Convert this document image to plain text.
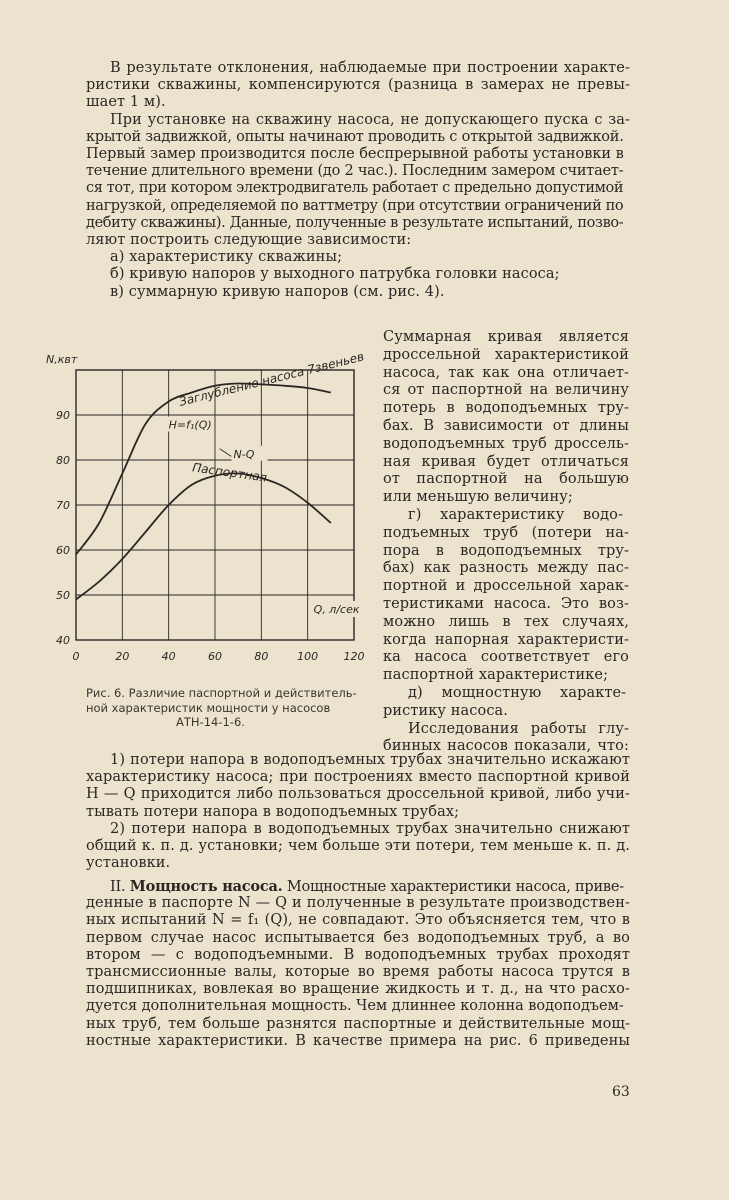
В результате отклонения, наблюдаемые при построении характе-
ристики скважины, компенсируются (разница в замерах не превы-
шает 1 м).
При установке на скважину насоса, не допускающего пуска с за-
крытой задвижкой, опыты начинают проводить с открытой задвижкой.
Первый замер производится после беспрерывной работы установки в
течение длительного времени (до 2 час.). Последним замером считает-
ся тот, при котором электродвигатель работает с предельно допустимой
нагрузкой, определяемой по ваттметру (при отсутствии ограничений по
дебиту скважины). Данные, полученные в результате испытаний, позво-
ляют построить следующие зависимости:
а) характеристику скважины;
б) кривую напоров у выходного патрубка головки насоса;
в) суммарную кривую напоров (см. рис. 4).
Суммарная кривая является
дроссельной характеристикой
насоса, так как она отличает-
ся от паспортной на величину
потерь в водоподъемных тру-
бах. В зависимости от длины
водоподъемных труб дроссель-
ная кривая будет отличаться
от паспортной на большую
или меньшую величину;
г) характеристику водо-
подъемных труб (потери на-
пора в водоподъемных тру-
бах) как разность между пас-
портной и дроссельной харак-
теристиками насоса. Это воз-
можно лишь в тех случаях,
когда напорная характеристи-
ка насоса соответствует его
паспортной характеристике;
д) мощностную характе-
ристику насоса.
Исследования работы глу-
бинных насосов показали, что:
0	20	40	60	80	100 120
40
50
60
70
80
90
N,квт
Q, л/сек
Заглубление насоса 7звеньев
H=f₁(Q)
N-Q
Паспортная
Рис. 6. Различие паспортной и действитель-
ной характеристик мощности у насосов
АТН-14-1-6.
1) потери напора в водоподъемных трубах значительно искажают
характеристику насоса; при построениях вместо паспортной кривой
H — Q приходится либо пользоваться дроссельной кривой, либо учи-
тывать потери напора в водоподъемных трубах;
2) потери напора в водоподъемных трубах значительно снижают
общий к. п. д. установки; чем больше эти потери, тем меньше к. п. д.
установки.
II. Мощность насоса. Мощностные характеристики насоса, приве-
денные в паспорте N — Q и полученные в результате производствен-
ных испытаний N = f₁ (Q), не совпадают. Это объясняется тем, что в
первом случае насос испытывается без водоподъемных труб, а во
втором — с водоподъемными. В водоподъемных трубах проходят
трансмиссионные валы, которые во время работы насоса трутся в
подшипниках, вовлекая во вращение жидкость и т. д., на что расхо-
дуется дополнительная мощность. Чем длиннее колонна водоподъем-
ных труб, тем больше разнятся паспортные и действительные мощ-
ностные характеристики. В качестве примера на рис. 6 приведены
63
